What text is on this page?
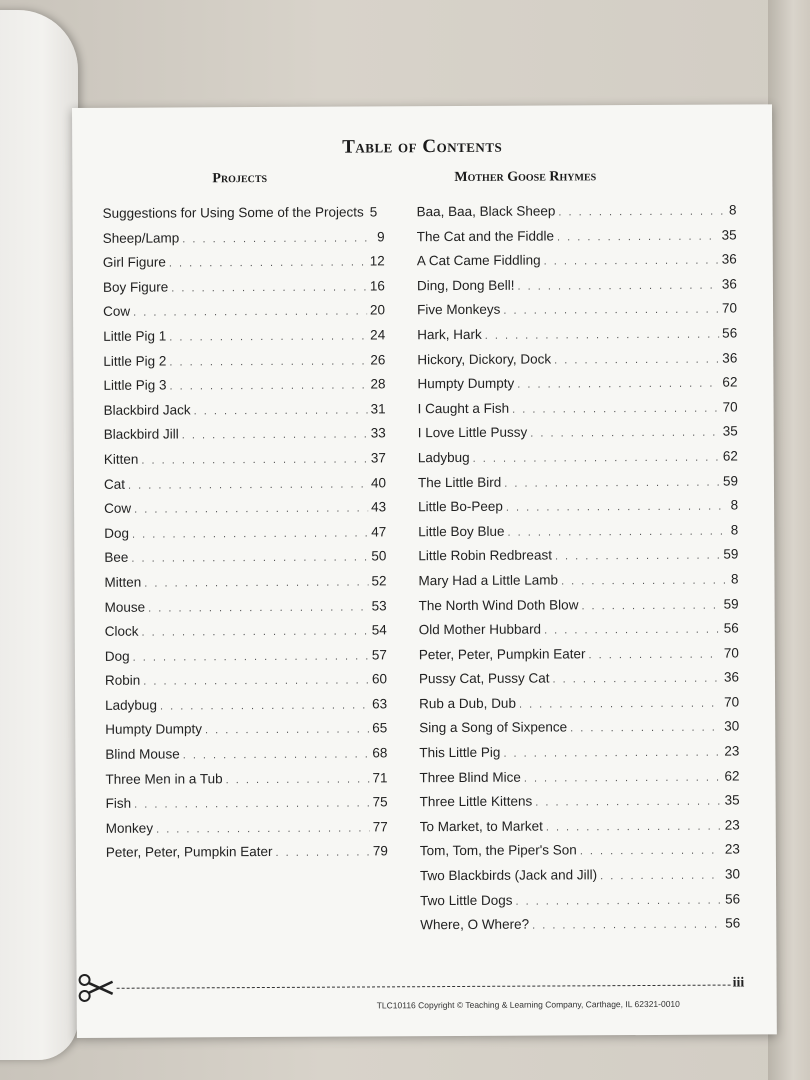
Table of Contents
Projects	Mother Goose Rhymes
Suggestions for Using Some of the Projects 5
Sheep/Lamp . . .	9
Girl Figure . . .	12
Boy Figure . . .	16
Cow . . .	20
Little Pig 1 . . .	24
Little Pig 2 . . .	26
Little Pig 3 . . .	28
Blackbird Jack . . .	31
Blackbird Jill . . .	33
Kitten . . .	37
Cat . . .	40
Cow . . .	43
Dog . . .	47
Bee . . .	50
Mitten . . .	52
Mouse . . .	53
Clock . . .	54
Dog . . .	57
Robin . . .	60
Ladybug . . .	63
Humpty Dumpty . . .	65
Blind Mouse . . .	68
Three Men in a Tub . . .	71
Fish . . .	75
Monkey . . .	77
Peter, Peter, Pumpkin Eater . . .	79
Baa, Baa, Black Sheep . . .	8
The Cat and the Fiddle . . .	35
A Cat Came Fiddling . . .	36
Ding, Dong Bell! . . .	36
Five Monkeys . . .	70
Hark, Hark . . .	56
Hickory, Dickory, Dock . . .	36
Humpty Dumpty . . .	62
I Caught a Fish . . .	70
I Love Little Pussy . . .	35
Ladybug . . .	62
The Little Bird . . .	59
Little Bo-Peep . . .	8
Little Boy Blue . . .	8
Little Robin Redbreast . . .	59
Mary Had a Little Lamb . . .	8
The North Wind Doth Blow . . .	59
Old Mother Hubbard . . .	56
Peter, Peter, Pumpkin Eater . . .	70
Pussy Cat, Pussy Cat . . .	36
Rub a Dub, Dub . . .	70
Sing a Song of Sixpence . . .	30
This Little Pig . . .	23
Three Blind Mice . . .	62
Three Little Kittens . . .	35
To Market, to Market . . .	23
Tom, Tom, the Piper's Son . . .	23
Two Blackbirds (Jack and Jill) . . .	30
Two Little Dogs . . .	56
Where, O Where? . . .	56
iii
TLC10116 Copyright © Teaching & Learning Company, Carthage, IL 62321-0010
